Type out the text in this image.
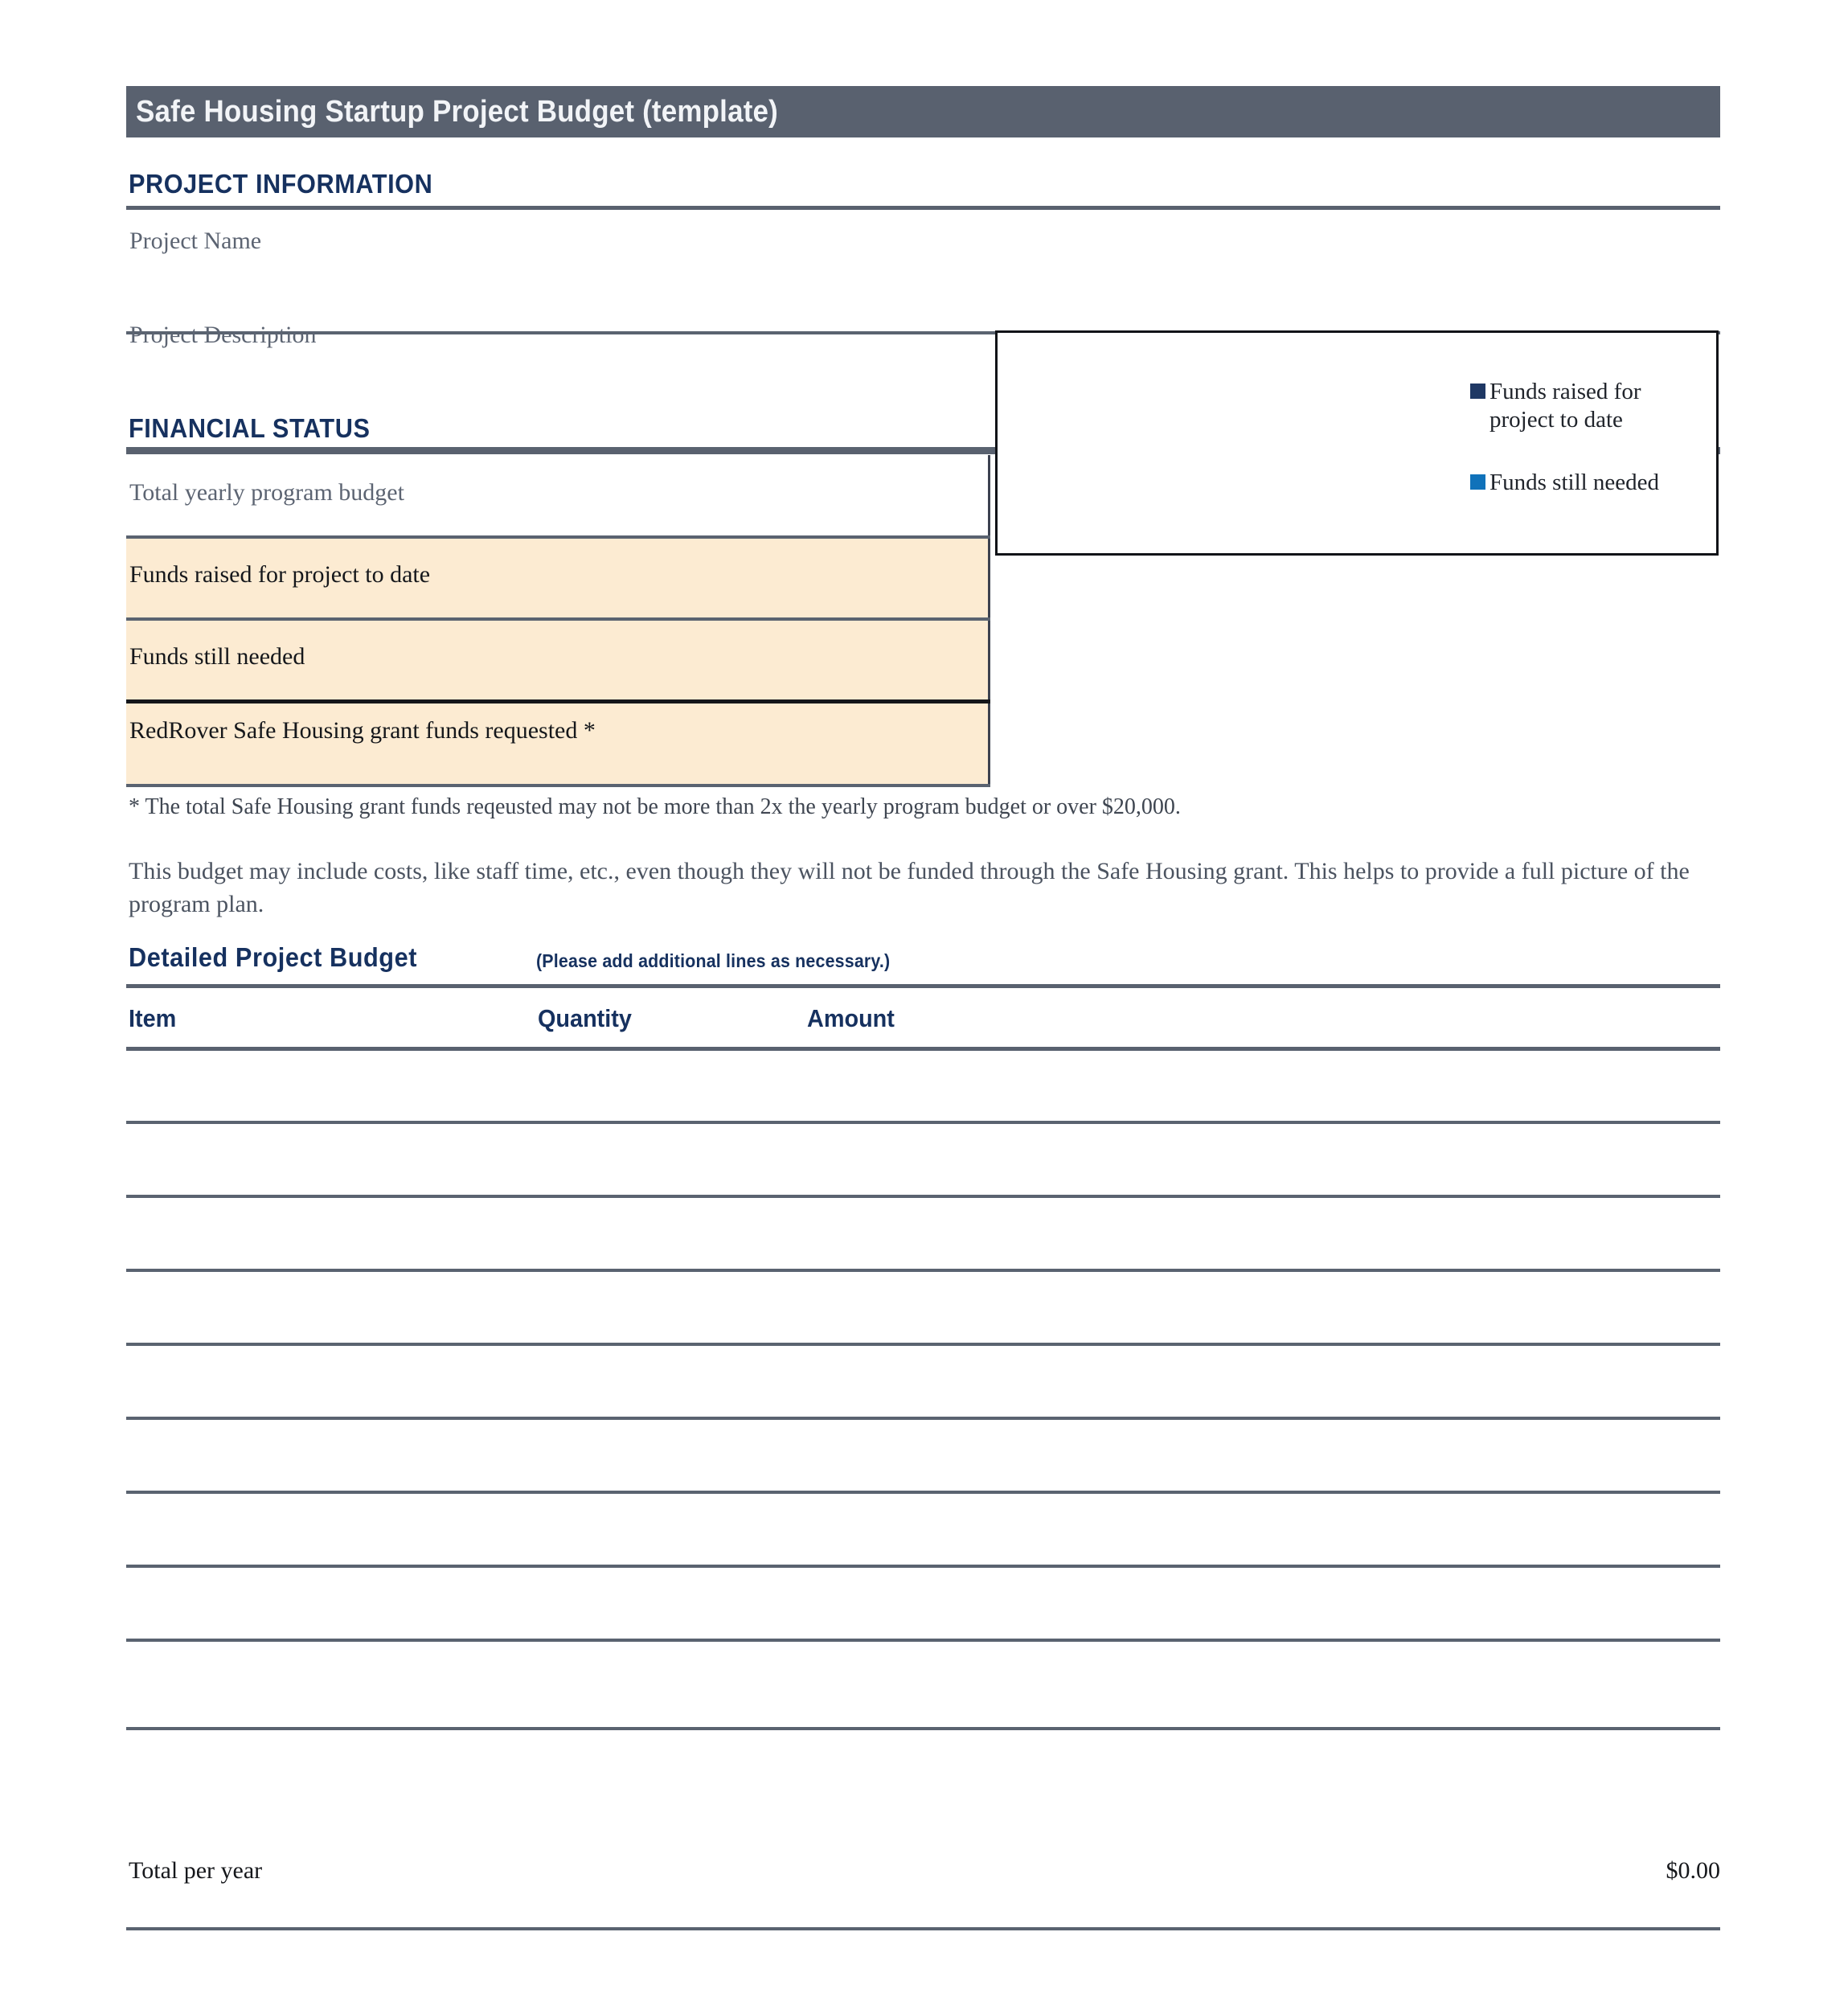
Safe Housing Startup Project Budget (template)
PROJECT INFORMATION
Project Name
Project Description
FINANCIAL STATUS
Total yearly program budget
Funds raised for project to date
Funds still needed
RedRover Safe Housing grant funds requested *
Funds raised for project to date
Funds still needed
* The total Safe Housing grant funds reqeusted may not be more than 2x the yearly program budget or over $20,000.
This budget may include costs, like staff time, etc., even though they will not be funded through the Safe Housing grant. This helps to provide a full picture of the program plan.
Detailed Project Budget	(Please add additional lines as necessary.)
Item	Quantity	Amount
Total per year	$0.00
